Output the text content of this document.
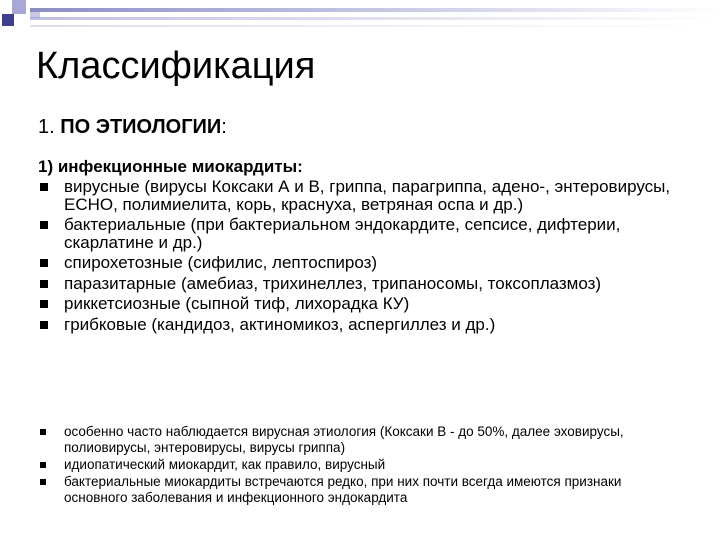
Классификация

1. ПО ЭТИОЛОГИИ:

1) инфекционные миокардиты:
вирусные (вирусы Коксаки А и В, гриппа, парагриппа, адено-, энтеровирусы, ЕСНО, полимиелита, корь, краснуха, ветряная оспа и др.)
бактериальные (при бактериальном эндокардите, сепсисе, дифтерии, скарлатине и др.)
спирохетозные (сифилис, лептоспироз)
паразитарные (амебиаз, трихинеллез, трипаносомы, токсоплазмоз)
риккетсиозные (сыпной тиф, лихорадка КУ)
грибковые (кандидоз, актиномикоз, аспергиллез и др.)
особенно часто наблюдается вирусная этиология (Коксаки В - до 50%, далее эховирусы, полиовирусы, энтеровирусы, вирусы гриппа)
идиопатический миокардит, как правило, вирусный
бактериальные миокардиты встречаются редко, при них почти всегда имеются признаки основного заболевания и инфекционного эндокардита
